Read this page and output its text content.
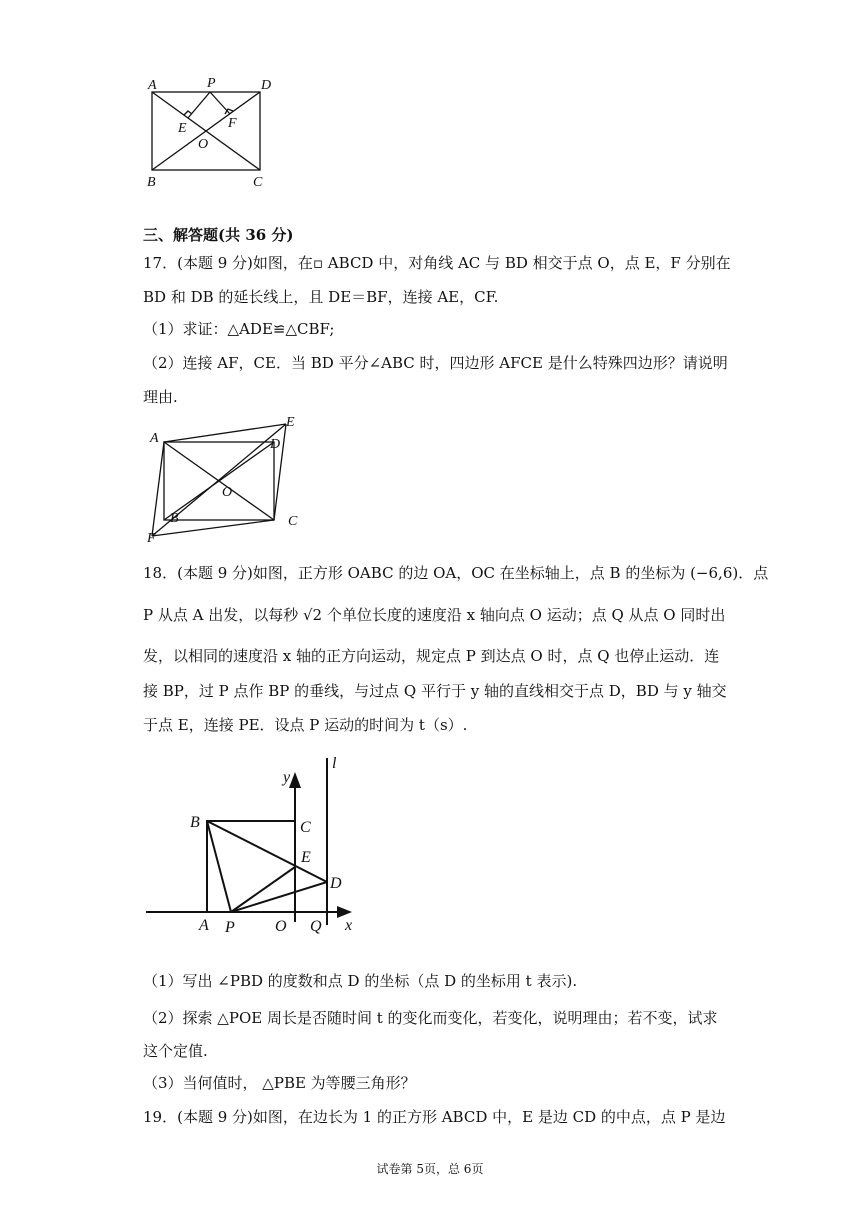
A	P	D
E	F
O
B	C
三、解答题(共 36 分)
17．(本题 9 分)如图，在▫ ABCD 中，对角线 AC 与 BD 相交于点 O，点 E，F 分别在
BD 和 DB 的延长线上，且 DE＝BF，连接 AE，CF.
（1）求证：△ADE≌△CBF;
（2）连接 AF，CE．当 BD 平分∠ABC 时，四边形 AFCE 是什么特殊四边形？请说明
理由.
A
E
D
O
B	C
F
18．(本题 9 分)如图，正方形 OABC 的边 OA，OC 在坐标轴上，点 B 的坐标为 (−6,6)．点
P 从点 A 出发，以每秒 √2 个单位长度的速度沿 x 轴向点 O 运动；点 Q 从点 O 同时出
发，以相同的速度沿 x 轴的正方向运动，规定点 P 到达点 O 时，点 Q 也停止运动．连
接 BP，过 P 点作 BP 的垂线，与过点 Q 平行于 y 轴的直线相交于点 D，BD 与 y 轴交
于点 E，连接 PE．设点 P 运动的时间为 t（s）.
y
l
B	C
E
D
A P	O Q x
（1）写出 ∠PBD 的度数和点 D 的坐标（点 D 的坐标用 t 表示).
（2）探索 △POE 周长是否随时间 t 的变化而变化，若变化，说明理由；若不变，试求
这个定值.
（3）当何值时， △PBE 为等腰三角形？
19．(本题 9 分)如图，在边长为 1 的正方形 ABCD 中，E 是边 CD 的中点，点 P 是边
试卷第 5页，总 6页
